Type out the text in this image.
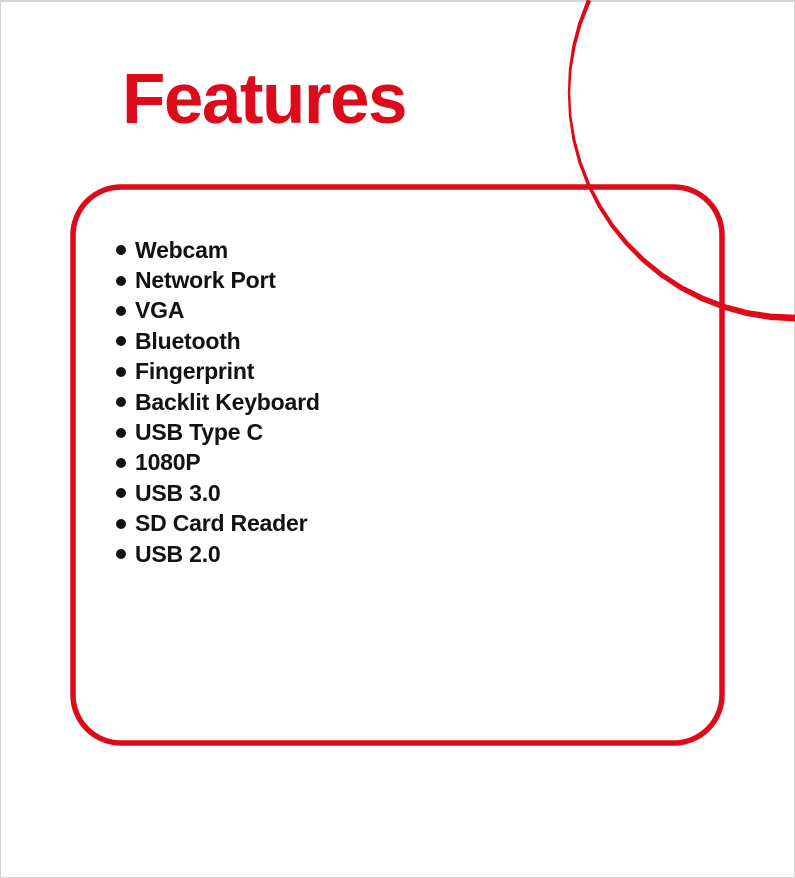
Features
Webcam
Network Port
VGA
Bluetooth
Fingerprint
Backlit Keyboard
USB Type C
1080P
USB 3.0
SD Card Reader
USB 2.0
